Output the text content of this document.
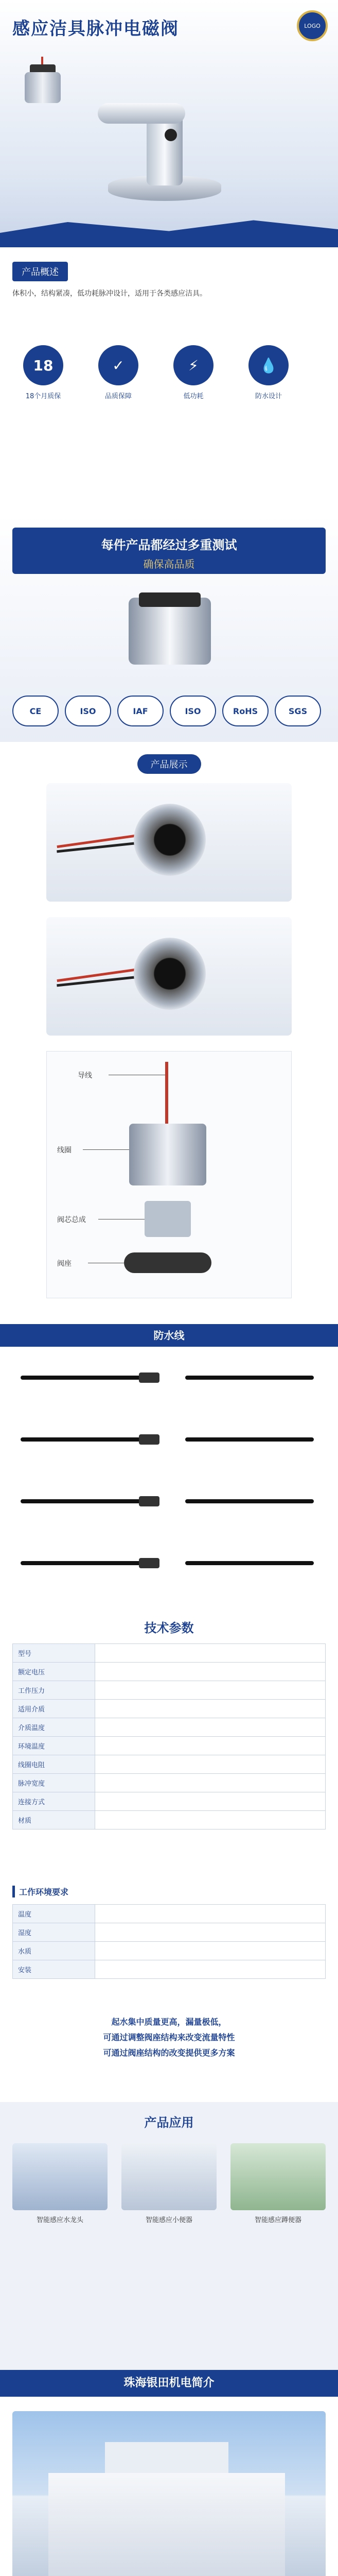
感应洁具脉冲电磁阀	LOGO
产品概述
体积小，结构紧凑，低功耗脉冲设计，适用于各类感应洁具。
18
18个月质保
✓
品质保障
⚡
低功耗
💧
防水设计
每件产品都经过多重测试
确保高品质
CE	ISO	IAF	ISO	RoHS	SGS
产品展示
导线
线圈
阀芯总成
阀座
防水线
技术参数
型号	
额定电压	
工作压力	
适用介质	
介质温度	
环境温度	
线圈电阻	
脉冲宽度	
连接方式	
材质	
工作环境要求
温度	
湿度	
水质	
安装	
起水集中质量更高，漏量极低，
可通过调整阀座结构来改变流量特性
可通过阀座结构的改变提供更多方案
产品应用
智能感应水龙头	智能感应小便器	智能感应蹲便器
珠海银田机电简介
